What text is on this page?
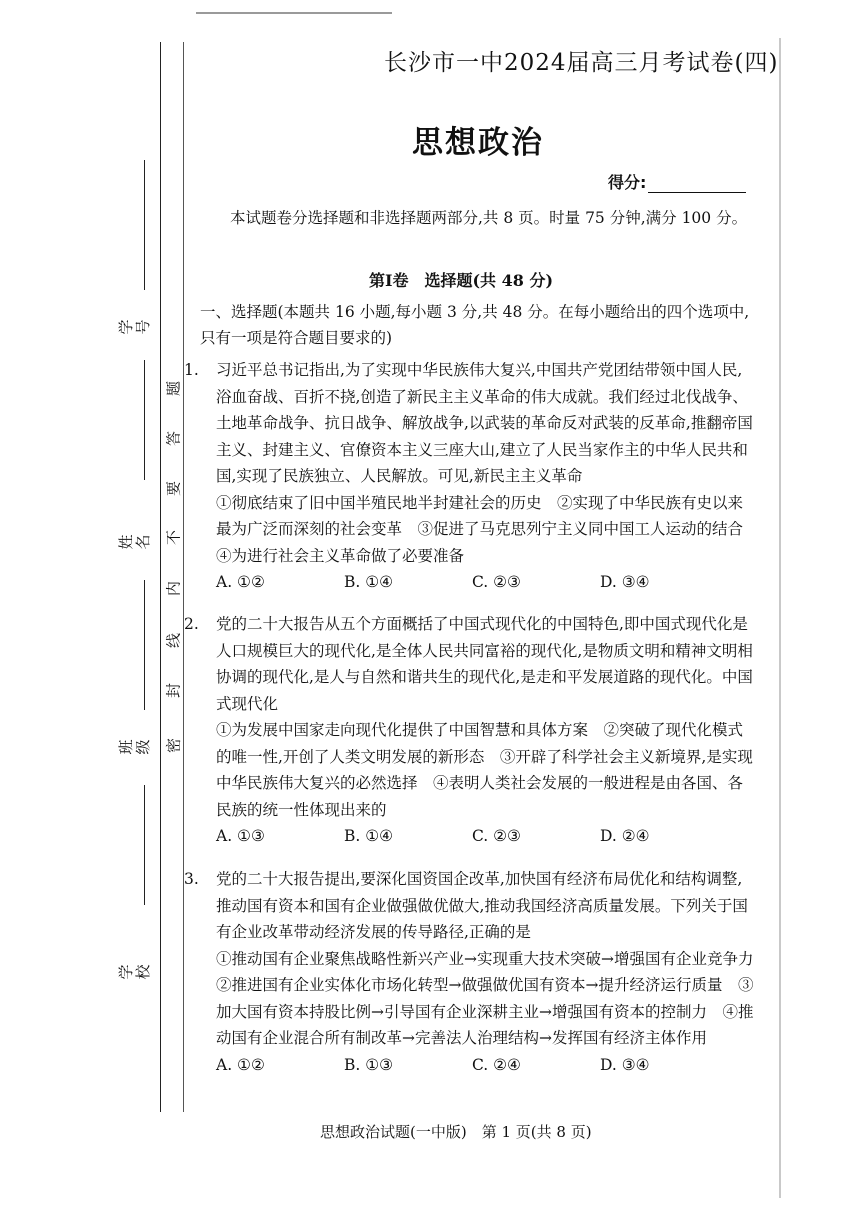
学 号
姓 名
班 级
学 校
密
封
线
内
不
要
答
题
长沙市一中2024届高三月考试卷(四)
思想政治
得分:
本试题卷分选择题和非选择题两部分,共 8 页。时量 75 分钟,满分 100 分。
第Ⅰ卷　选择题(共 48 分)
一、选择题(本题共 16 小题,每小题 3 分,共 48 分。在每小题给出的四个选项中,只有一项是符合题目要求的)

1. 习近平总书记指出,为了实现中华民族伟大复兴,中国共产党团结带领中国人民,浴血奋战、百折不挠,创造了新民主主义革命的伟大成就。我们经过北伐战争、土地革命战争、抗日战争、解放战争,以武装的革命反对武装的反革命,推翻帝国主义、封建主义、官僚资本主义三座大山,建立了人民当家作主的中华人民共和国,实现了民族独立、人民解放。可见,新民主主义革命

①彻底结束了旧中国半殖民地半封建社会的历史　②实现了中华民族有史以来最为广泛而深刻的社会变革　③促进了马克思列宁主义同中国工人运动的结合　④为进行社会主义革命做了必要准备

A. ①②	B. ①④	C. ②③	D. ③④

2. 党的二十大报告从五个方面概括了中国式现代化的中国特色,即中国式现代化是人口规模巨大的现代化,是全体人民共同富裕的现代化,是物质文明和精神文明相协调的现代化,是人与自然和谐共生的现代化,是走和平发展道路的现代化。中国式现代化

①为发展中国家走向现代化提供了中国智慧和具体方案　②突破了现代化模式的唯一性,开创了人类文明发展的新形态　③开辟了科学社会主义新境界,是实现中华民族伟大复兴的必然选择　④表明人类社会发展的一般进程是由各国、各民族的统一性体现出来的

A. ①③	B. ①④	C. ②③	D. ②④

3. 党的二十大报告提出,要深化国资国企改革,加快国有经济布局优化和结构调整,推动国有资本和国有企业做强做优做大,推动我国经济高质量发展。下列关于国有企业改革带动经济发展的传导路径,正确的是

①推动国有企业聚焦战略性新兴产业→实现重大技术突破→增强国有企业竞争力　②推进国有企业实体化市场化转型→做强做优国有资本→提升经济运行质量　③加大国有资本持股比例→引导国有企业深耕主业→增强国有资本的控制力　④推动国有企业混合所有制改革→完善法人治理结构→发挥国有经济主体作用

A. ①②	B. ①③	C. ②④	D. ③④
思想政治试题(一中版)　第 1 页(共 8 页)
